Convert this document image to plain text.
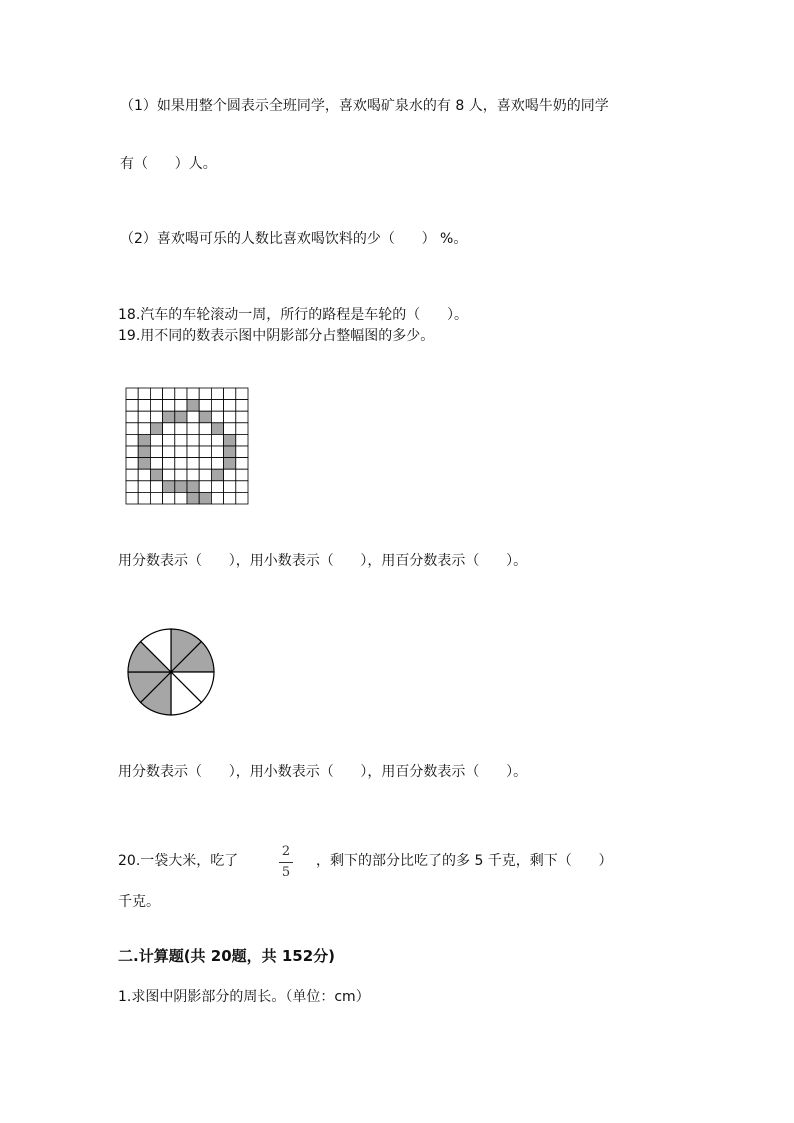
（1）如果用整个圆表示全班同学，喜欢喝矿泉水的有 8 人，喜欢喝牛奶的同学
有（      ）人。
（2）喜欢喝可乐的人数比喜欢喝饮料的少（      ） %。
18.汽车的车轮滚动一周，所行的路程是车轮的（      ）。
19.用不同的数表示图中阴影部分占整幅图的多少。
用分数表示（      ），用小数表示（      ），用百分数表示（      ）。
用分数表示（      ），用小数表示（      ），用百分数表示（      ）。
20.一袋大米，吃了
2
5
，剩下的部分比吃了的多 5 千克，剩下（      ）
千克。
二.计算题(共 20题，共 152分)
1.求图中阴影部分的周长。（单位：cm）
